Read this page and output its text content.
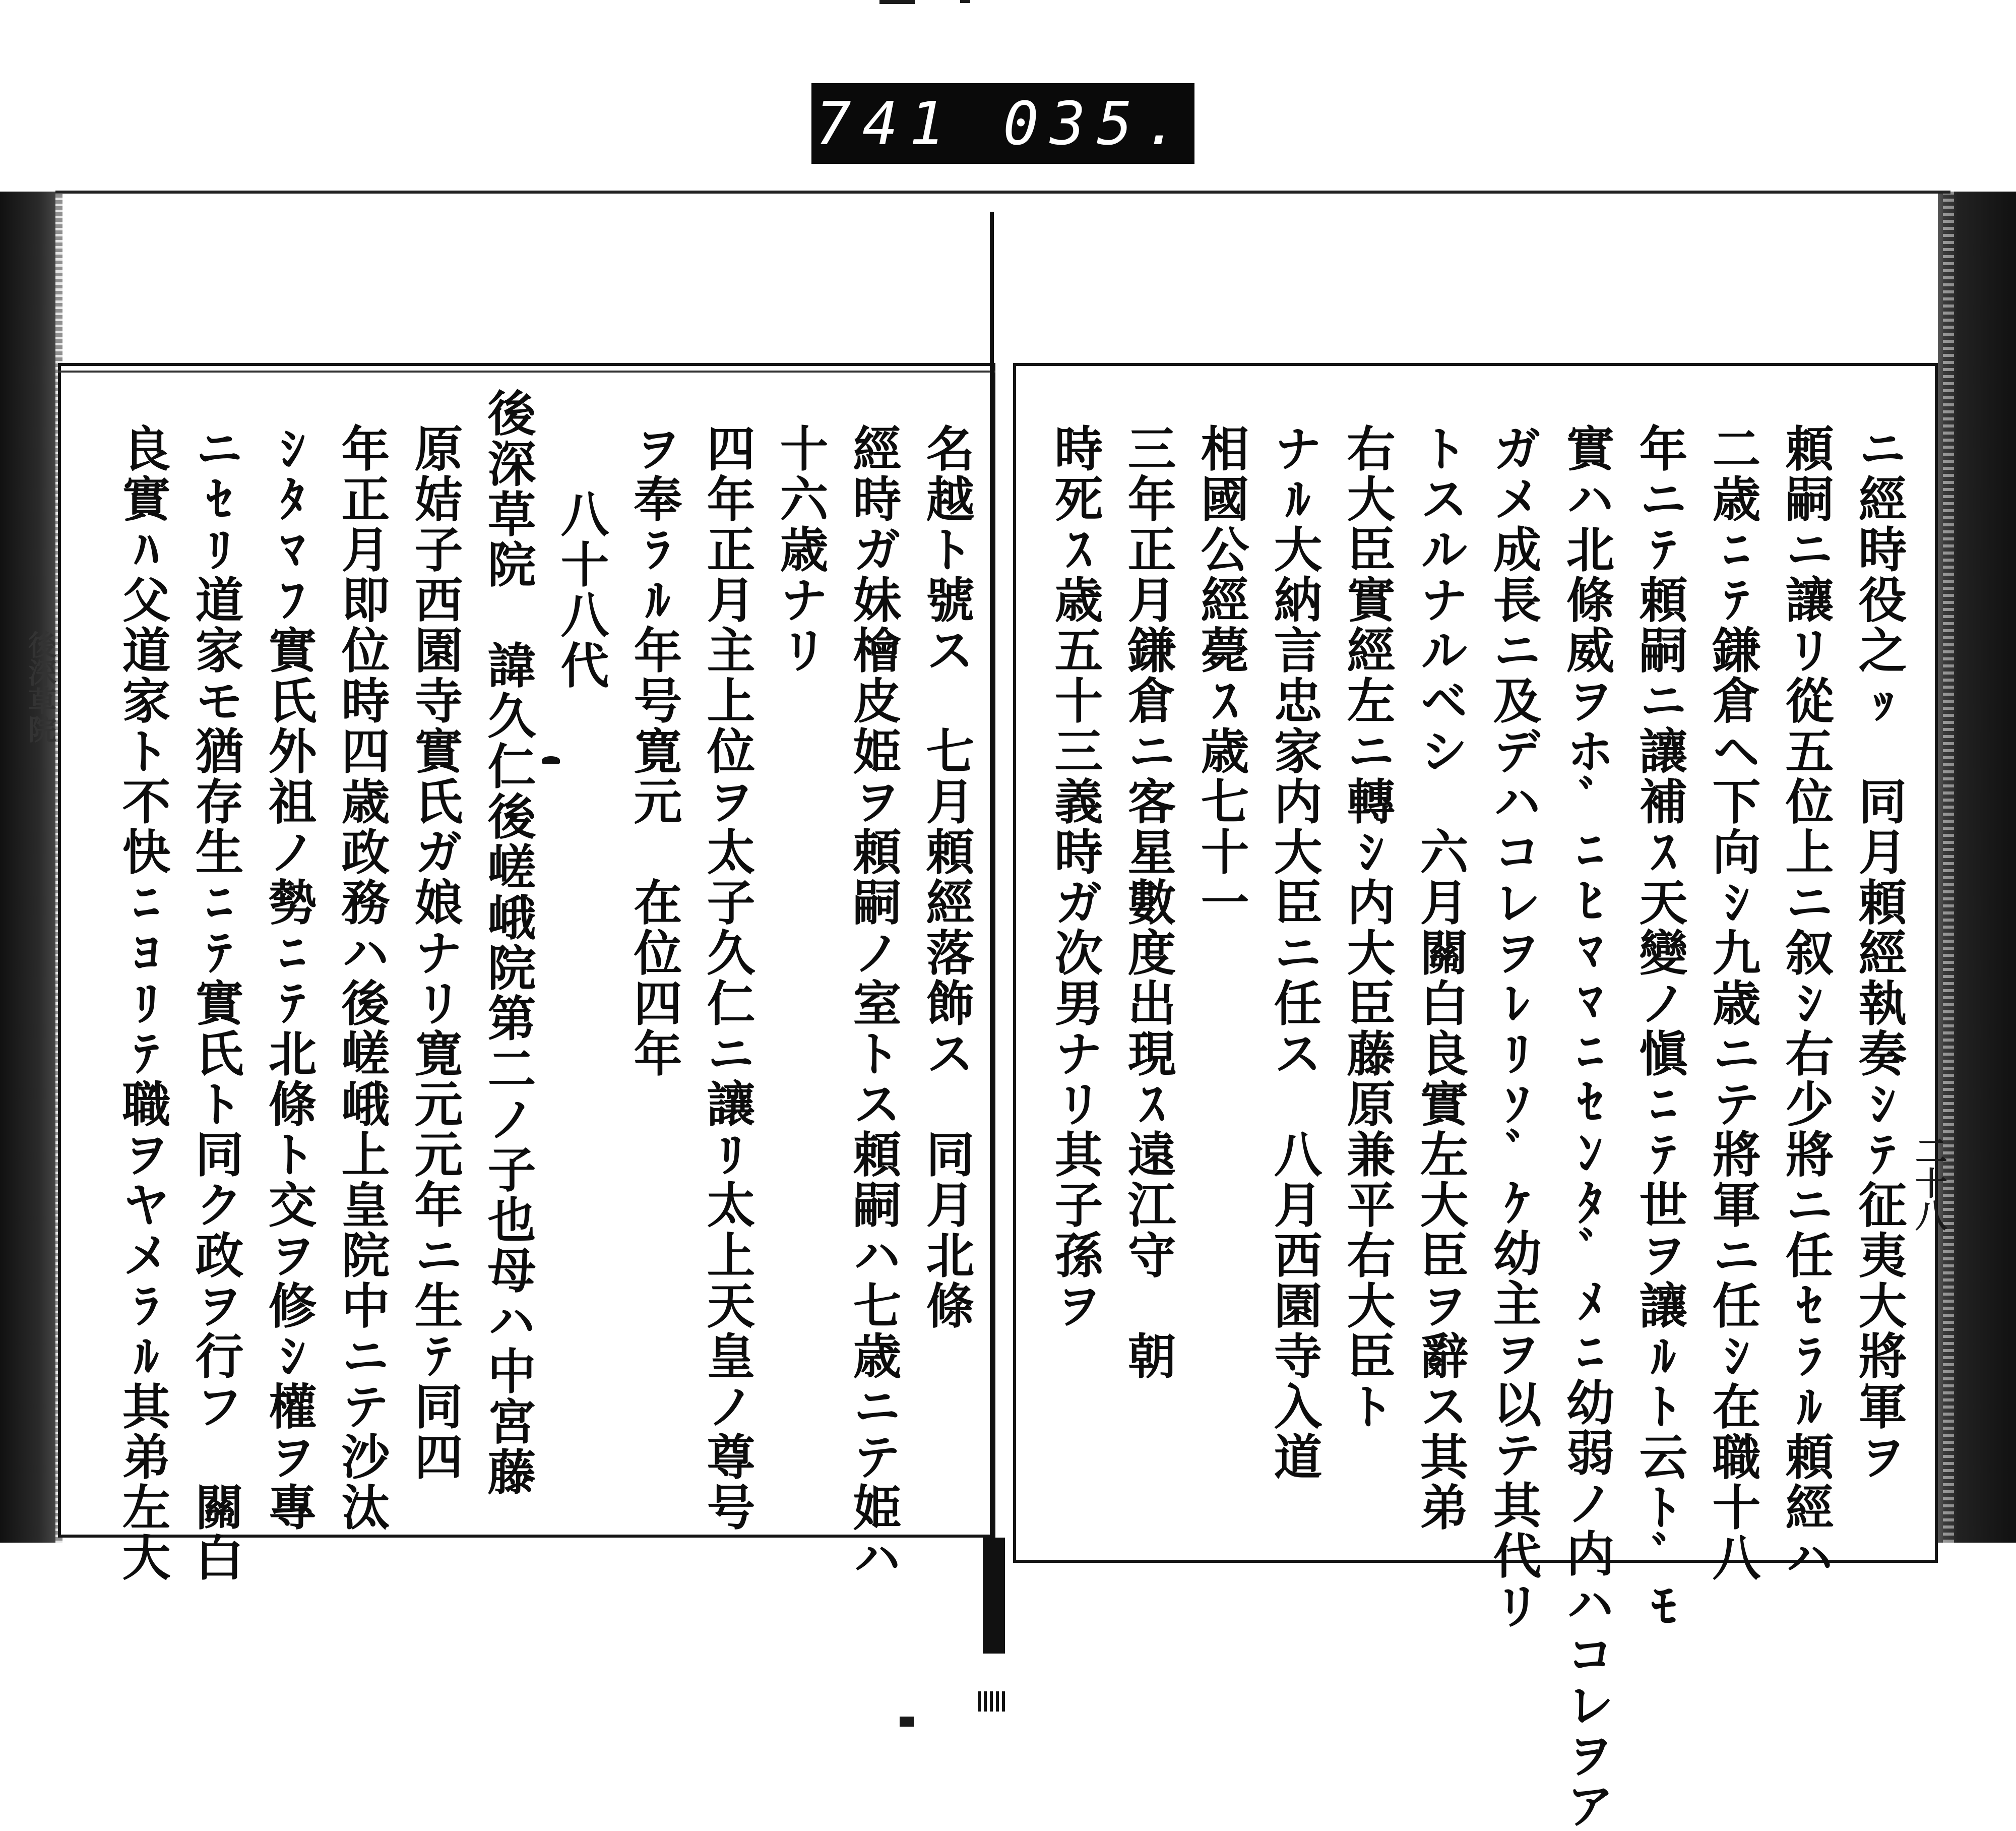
741 035.
二十八
後深草院	ニ經時役之ｯ　同月頼經執奏ｼﾃ征夷大將軍ヲ
頼嗣ニ讓リ從五位上ニ叙ｼ右少將ニ任ｾﾗﾙ頼經ハ
二歳ﾆﾃ鎌倉ヘ下向ｼ九歳ニテ將軍ニ任ｼ在職十八
年ニﾃ頼嗣ニ讓補ｽ天變ノ愼ﾆﾃ世ヲ讓ﾙﾄ云ﾄﾞﾓ
實ハ北條威ヲホﾞﾆﾋﾏﾏﾆｾﾝﾀﾞﾒﾆ幼弱ノ内ハコレヲア
ガメ成長ニ及デハコレヲﾚﾘｿﾞｹ幼主ヲ以テ其代リ
トスルナルベシ　六月關白良實左大臣ヲ辭ス其弟
右大臣實經左ニ轉ｼ内大臣藤原兼平右大臣ト
ナﾙ大納言忠家内大臣ニ任ス　八月西園寺入道
相國公經薨ｽ歳七十一
三年正月鎌倉ニ客星數度出現ｽ遠江守　朝
時死ｽ歳五十三義時ガ次男ナリ其子孫ヲ
名越ト號ス　七月頼經落飾ス　同月北條
經時ガ妹檜皮姫ヲ頼嗣ノ室トス頼嗣ハ七歳ニテ姫ハ
十六歳ナリ
四年正月主上位ヲ太子久仁ニ讓ﾘ太上天皇ノ尊号
ヲ奉ﾗﾙ年号寛元　在位四年
八十八代
後深草院　諱久仁後嵯峨院第二ノ子也母ハ中宮藤
原姞子西園寺實氏ガ娘ナリ寛元元年ニ生ﾃ同四
年正月即位時四歳政務ハ後嵯峨上皇院中ニテ沙汰
ｼﾀﾏﾌ實氏外祖ノ勢ﾆﾃ北條ト交ヲ修ｼ權ヲ專
ニｾﾘ道家モ猶存生ﾆﾃ實氏ト同ク政ヲ行フ　關白
良實ﾊ父道家ト不快ﾆﾖﾘﾃ職ヲヤメﾗﾙ其弟左大
